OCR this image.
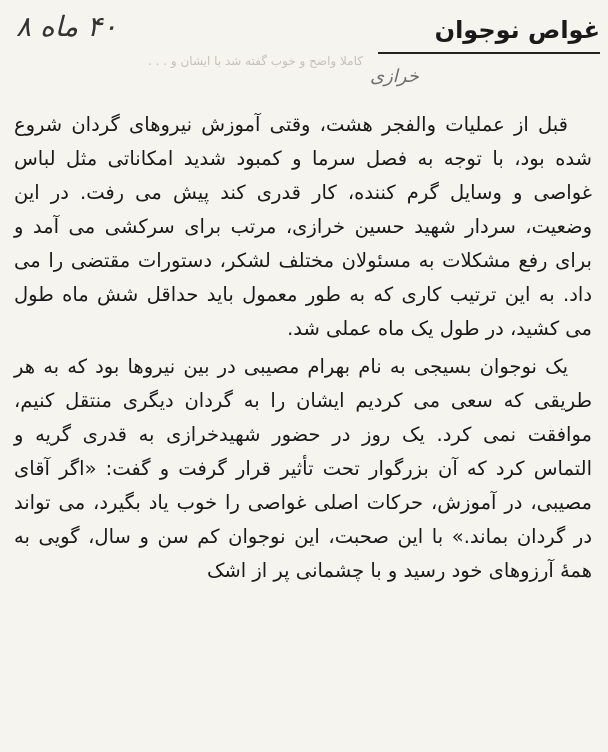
غواص نوجوان
۴۰ ماه ۸
کاملا واضح و خوب گفته شد با ایشان و . . .
خرازی

قبل از عملیات والفجر هشت، وقتی آموزش نیروهای گردان شروع شده بود، با توجه به فصل سرما و کمبود شدید امکاناتی مثل لباس غواصی و وسایل گرم کننده، کار قدری کند پیش می رفت. در این وضعیت، سردار شهید حسین خرازی، مرتب برای سرکشی می آمد و برای رفع مشکلات به مسئولان مختلف لشکر، دستورات مقتضی را می داد. به این ترتیب کاری که به طور معمول باید حداقل شش ماه طول می کشید، در طول یک ماه عملی شد.

یک نوجوان بسیجی به نام بهرام مصیبی در بین نیروها بود که به هر طریقی که سعی می کردیم ایشان را به گردان دیگری منتقل کنیم، موافقت نمی کرد. یک روز در حضور شهیدخرازی به قدری گریه و التماس کرد که آن بزرگوار تحت تأثیر قرار گرفت و گفت: «اگر آقای مصیبی، در آموزش، حرکات اصلی غواصی را خوب یاد بگیرد، می تواند در گردان بماند.» با این صحبت، این نوجوان کم سن و سال، گویی به همهٔ آرزوهای خود رسید و با چشمانی پر از اشک
